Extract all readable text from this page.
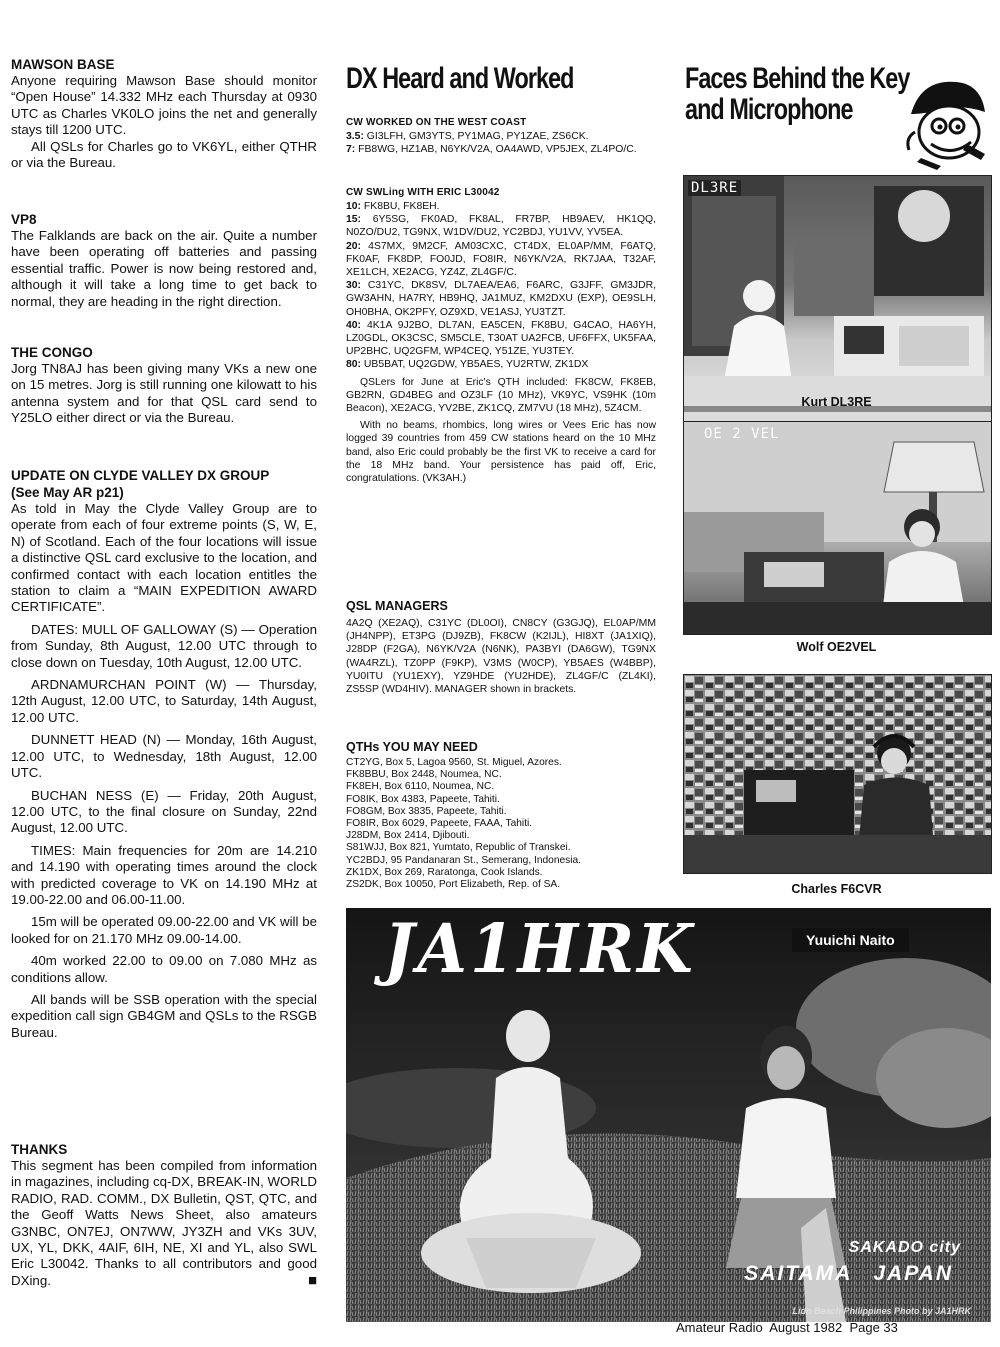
MAWSON BASE

Anyone requiring Mawson Base should monitor “Open House” 14.332 MHz each Thursday at 0930 UTC as Charles VK0LO joins the net and generally stays till 1200 UTC.

All QSLs for Charles go to VK6YL, either QTHR or via the Bureau.

VP8

The Falklands are back on the air. Quite a number have been operating off batteries and passing essential traffic. Power is now being restored and, although it will take a long time to get back to normal, they are heading in the right direction.

THE CONGO

Jorg TN8AJ has been giving many VKs a new one on 15 metres. Jorg is still running one kilowatt to his antenna system and for that QSL card send to Y25LO either direct or via the Bureau.

UPDATE ON CLYDE VALLEY DX GROUP
(See May AR p21)

As told in May the Clyde Valley Group are to operate from each of four extreme points (S, W, E, N) of Scotland. Each of the four locations will issue a distinctive QSL card exclusive to the location, and confirmed contact with each location entitles the station to claim a “MAIN EXPEDITION AWARD CERTIFICATE”.

DATES: MULL OF GALLOWAY (S) — Operation from Sunday, 8th August, 12.00 UTC through to close down on Tuesday, 10th August, 12.00 UTC.

ARDNAMURCHAN POINT (W) — Thursday, 12th August, 12.00 UTC, to Saturday, 14th August, 12.00 UTC.

DUNNETT HEAD (N) — Monday, 16th August, 12.00 UTC, to Wednesday, 18th August, 12.00 UTC.

BUCHAN NESS (E) — Friday, 20th August, 12.00 UTC, to the final closure on Sunday, 22nd August, 12.00 UTC.

TIMES: Main frequencies for 20m are 14.210 and 14.190 with operating times around the clock with predicted coverage to VK on 14.190 MHz at 19.00-22.00 and 06.00-11.00.

15m will be operated 09.00-22.00 and VK will be looked for on 21.170 MHz 09.00-14.00.

40m worked 22.00 to 09.00 on 7.080 MHz as conditions allow.

All bands will be SSB operation with the special expedition call sign GB4GM and QSLs to the RSGB Bureau.

THANKS

This segment has been compiled from information in magazines, including cq-DX, BREAK-IN, WORLD RADIO, RAD. COMM., DX Bulletin, QST, QTC, and the Geoff Watts News Sheet, also amateurs G3NBC, ON7EJ, ON7WW, JY3ZH and VKs 3UV, UX, YL, DKK, 4AIF, 6IH, NE, XI and YL, also SWL Eric L30042. Thanks to all contributors and good DXing.	■

DX Heard and Worked
CW WORKED ON THE WEST COAST

3.5: GI3LFH, GM3YTS, PY1MAG, PY1ZAE, ZS6CK.

7: FB8WG, HZ1AB, N6YK/V2A, OA4AWD, VP5JEX, ZL4PO/C.

CW SWLing WITH ERIC L30042

10: FK8BU, FK8EH.

15: 6Y5SG, FK0AD, FK8AL, FR7BP, HB9AEV, HK1QQ, N0ZO/DU2, TG9NX, W1DV/DU2, YC2BDJ, YU1VV, YV5EA.

20: 4S7MX, 9M2CF, AM03CXC, CT4DX, EL0AP/MM, F6ATQ, FK0AF, FK8DP, FO0JD, FO8IR, N6YK/V2A, RK7JAA, T32AF, XE1LCH, XE2ACG, YZ4Z, ZL4GF/C.

30: C31YC, DK8SV, DL7AEA/EA6, F6ARC, G3JFF, GM3JDR, GW3AHN, HA7RY, HB9HQ, JA1MUZ, KM2DXU (EXP), OE9SLH, OH0BHA, OK2PFY, OZ9XD, VE1ASJ, YU3TZT.

40: 4K1A 9J2BO, DL7AN, EA5CEN, FK8BU, G4CAO, HA6YH, LZ0GDL, OK3CSC, SM5CLE, T30AT UA2FCB, UF6FFX, UK5FAA, UP2BHC, UQ2GFM, WP4CEQ, Y51ZE, YU3TEY.

80: UB5BAT, UQ2GDW, YB5AES, YU2RTW, ZK1DX

QSLers for June at Eric's QTH included: FK8CW, FK8EB, GB2RN, GD4BEG and OZ3LF (10 MHz), VK9YC, VS9HK (10m Beacon), XE2ACG, YV2BE, ZK1CQ, ZM7VU (18 MHz), 5Z4CM.

With no beams, rhombics, long wires or Vees Eric has now logged 39 countries from 459 CW stations heard on the 10 MHz band, also Eric could probably be the first VK to receive a card for the 18 MHz band. Your persistence has paid off, Eric, congratulations. (VK3AH.)

QSL MANAGERS

4A2Q (XE2AQ), C31YC (DL0OI), CN8CY (G3GJQ), EL0AP/MM (JH4NPP), ET3PG (DJ9ZB), FK8CW (K2IJL), HI8XT (JA1XIQ), J28DP (F2GA), N6YK/V2A (N6NK), PA3BYI (DA6GW), TG9NX (WA4RZL), TZ0PP (F9KP), V3MS (W0CP), YB5AES (W4BBP), YU0ITU (YU1EXY), YZ9HDE (YU2HDE), ZL4GF/C (ZL4KI), ZS5SP (WD4HIV). MANAGER shown in brackets.

QTHs YOU MAY NEED

CT2YG, Box 5, Lagoa 9560, St. Miguel, Azores.

FK8BBU, Box 2448, Noumea, NC.

FK8EH, Box 6110, Noumea, NC.

FO8IK, Box 4383, Papeete, Tahiti.

FO8GM, Box 3835, Papeete, Tahiti.

FO8IR, Box 6029, Papeete, FAAA, Tahiti.

J28DM, Box 2414, Djibouti.

S81WJJ, Box 821, Yumtato, Republic of Transkei.

YC2BDJ, 95 Pandanaran St., Semerang, Indonesia.

ZK1DX, Box 269, Raratonga, Cook Islands.

ZS2DK, Box 10050, Port Elizabeth, Rep. of SA.

Faces Behind the Key
and Microphone
DL3RE
Kurt DL3RE
OE 2 VEL
Wolf OE2VEL
Charles F6CVR
JA1HRK	Yuuichi Naito
SAKADO city
SAITAMA JAPAN
Lido Beach Philippines Photo by JA1HRK
Amateur Radio  August 1982  Page 33
